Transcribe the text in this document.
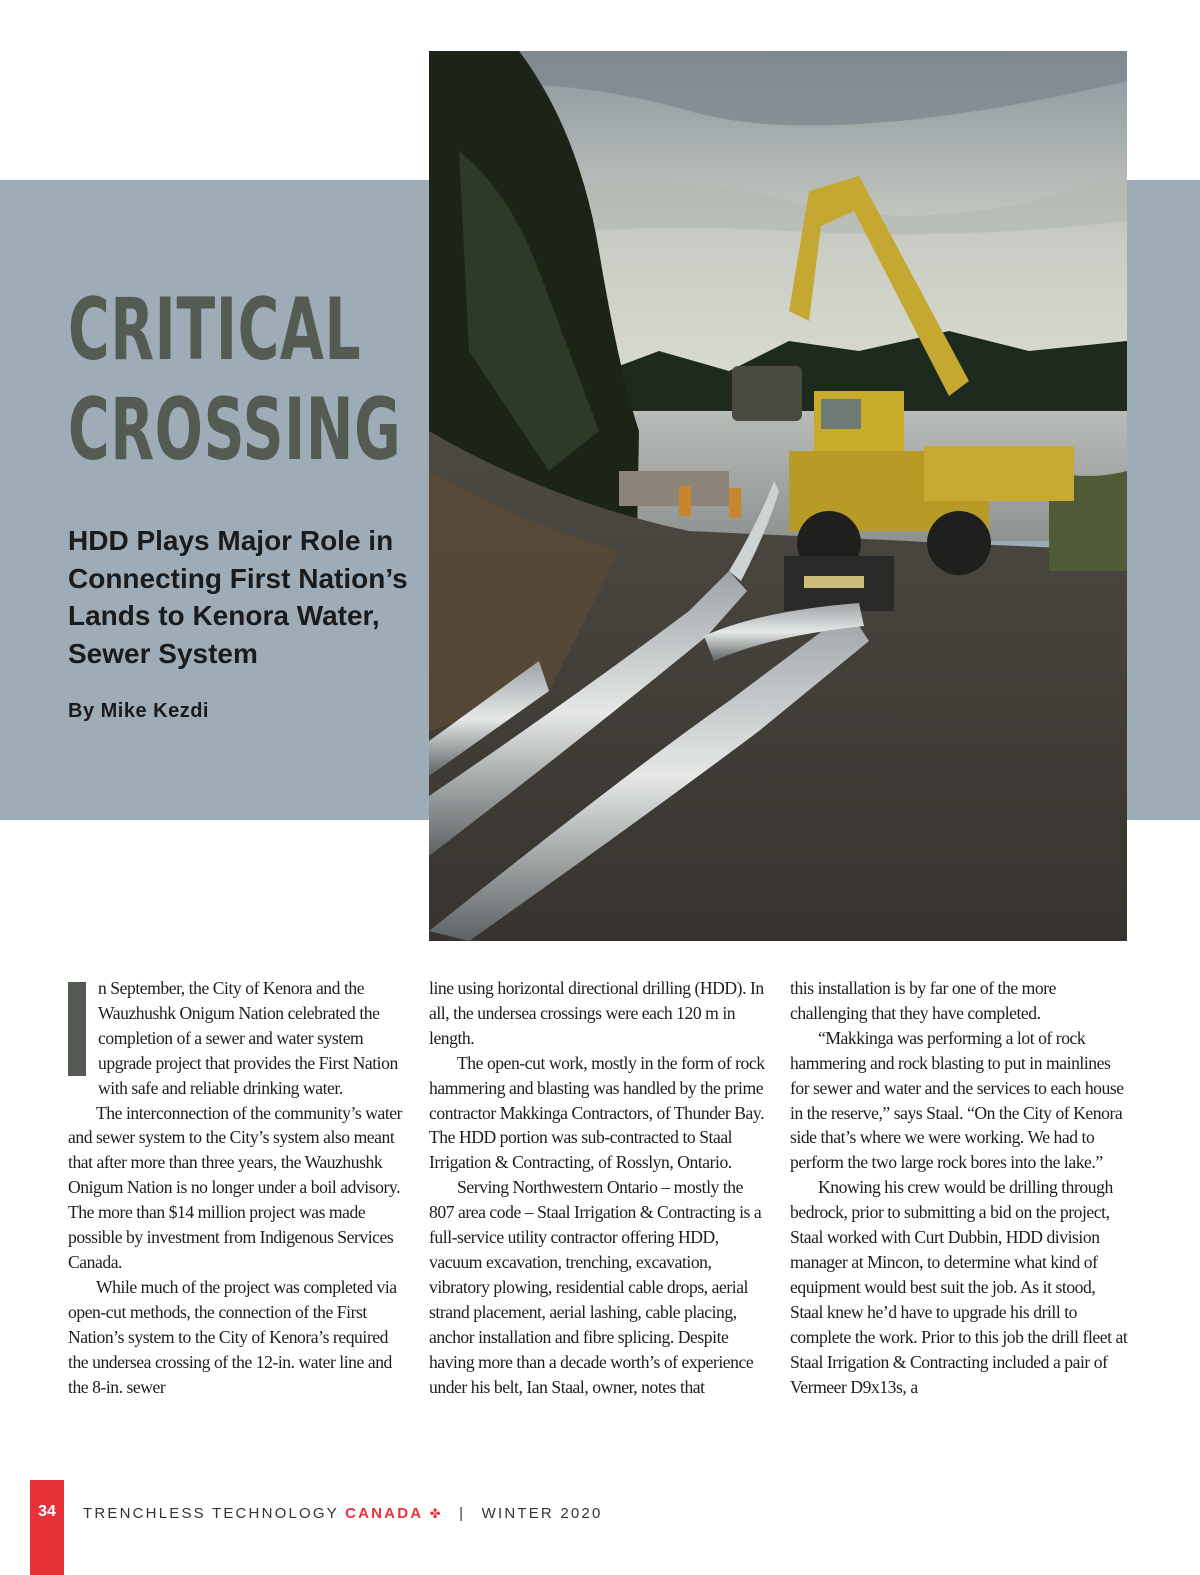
CRITICAL
CROSSING
HDD Plays Major Role in Connecting First Nation’s Lands to Kenora Water, Sewer System

By Mike Kezdi

n September, the City of Kenora and the Wauzhushk Onigum Nation celebrated the completion of a sewer and water system upgrade project that provides the First Nation with safe and reliable drinking water.

The interconnection of the community’s water and sewer system to the City’s system also meant that after more than three years, the Wauzhushk Onigum Nation is no longer under a boil advisory. The more than $14 million project was made possible by investment from Indigenous Services Canada.

While much of the project was completed via open-cut methods, the connection of the First Nation’s system to the City of Kenora’s required the undersea crossing of the 12-in. water line and the 8-in. sewer

line using horizontal directional drilling (HDD). In all, the undersea crossings were each 120 m in length.

The open-cut work, mostly in the form of rock hammering and blasting was handled by the prime contractor Makkinga Contractors, of Thunder Bay. The HDD portion was sub-contracted to Staal Irrigation & Contracting, of Rosslyn, Ontario.

Serving Northwestern Ontario – mostly the 807 area code – Staal Irrigation & Contracting is a full-service utility contractor offering HDD, vacuum excavation, trenching, excavation, vibratory plowing, residential cable drops, aerial strand placement, aerial lashing, cable placing, anchor installation and fibre splicing. Despite having more than a decade worth’s of experience under his belt, Ian Staal, owner, notes that

this installation is by far one of the more challenging that they have completed.

“Makkinga was performing a lot of rock hammering and rock blasting to put in mainlines for sewer and water and the services to each house in the reserve,” says Staal. “On the City of Kenora side that’s where we were working. We had to perform the two large rock bores into the lake.”

Knowing his crew would be drilling through bedrock, prior to submitting a bid on the project, Staal worked with Curt Dubbin, HDD division manager at Mincon, to determine what kind of equipment would best suit the job. As it stood, Staal knew he’d have to upgrade his drill to complete the work. Prior to this job the drill fleet at Staal Irrigation & Contracting included a pair of Vermeer D9x13s, a

34	TRENCHLESS TECHNOLOGY CANADA ✤ | WINTER 2020
